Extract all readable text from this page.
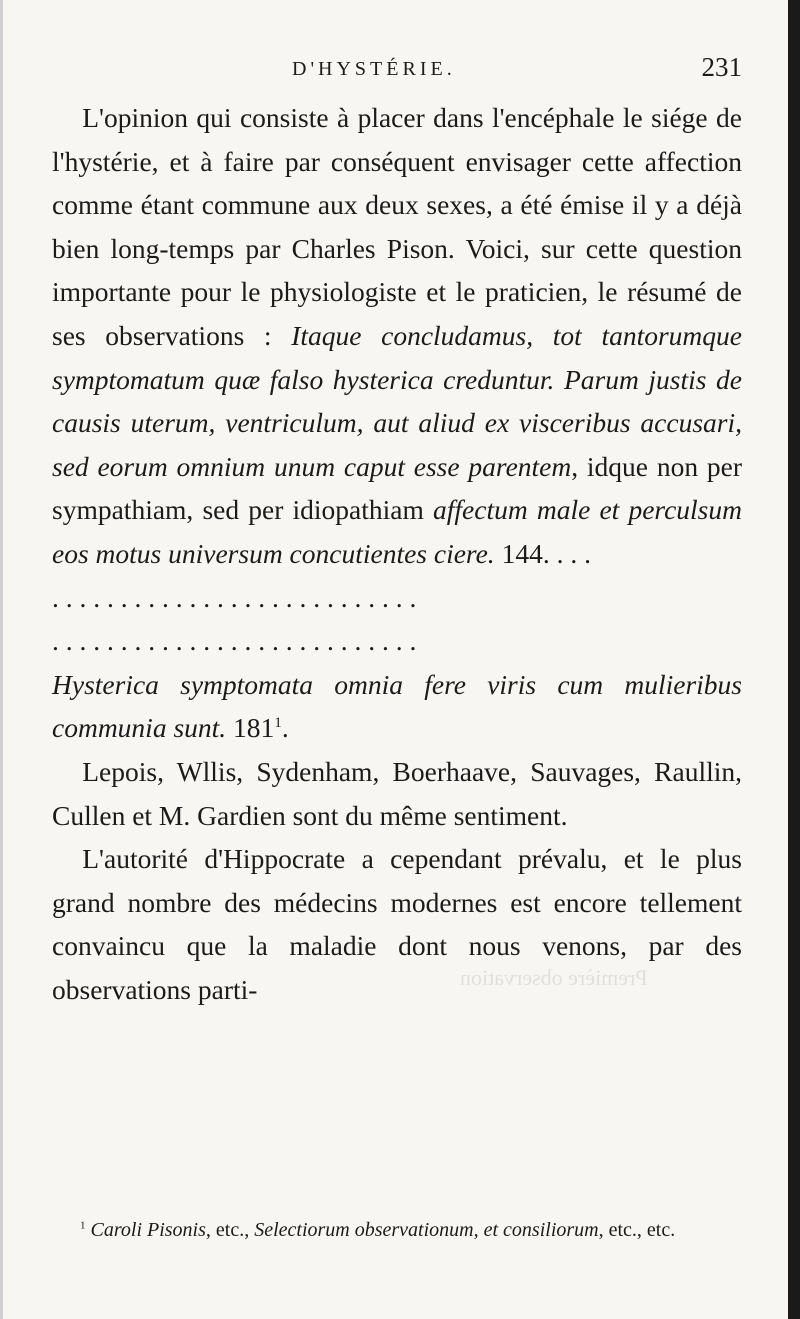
Première observation
D'HYSTÉRIE.	231

L'opinion qui consiste à placer dans l'encéphale le siége de l'hystérie, et à faire par conséquent envisager cette affection comme étant commune aux deux sexes, a été émise il y a déjà bien long-temps par Charles Pison. Voici, sur cette question importante pour le physiologiste et le praticien, le résumé de ses observations : Itaque concludamus, tot tantorumque symptomatum quæ falso hysterica creduntur. Parum justis de causis uterum, ventriculum, aut aliud ex visceribus accusari, sed eorum omnium unum caput esse parentem, idque non per sympathiam, sed per idiopathiam affectum male et perculsum eos motus universum concutientes ciere. 144. . . .

. . . . . . . . . . . . . . . . . . . . . . . . . . .
. . . . . . . . . . . . . . . . . . . . . . . . . . .

Hysterica symptomata omnia fere viris cum mulieribus communia sunt. $181^1$.

Lepois, Wllis, Sydenham, Boerhaave, Sauvages, Raullin, Cullen et M. Gardien sont du même sentiment.

L'autorité d'Hippocrate a cependant prévalu, et le plus grand nombre des médecins modernes est encore tellement convaincu que la maladie dont nous venons, par des observations parti-

$^1$ Caroli Pisonis, etc., Selectiorum observationum, et consiliorum, etc., etc.
